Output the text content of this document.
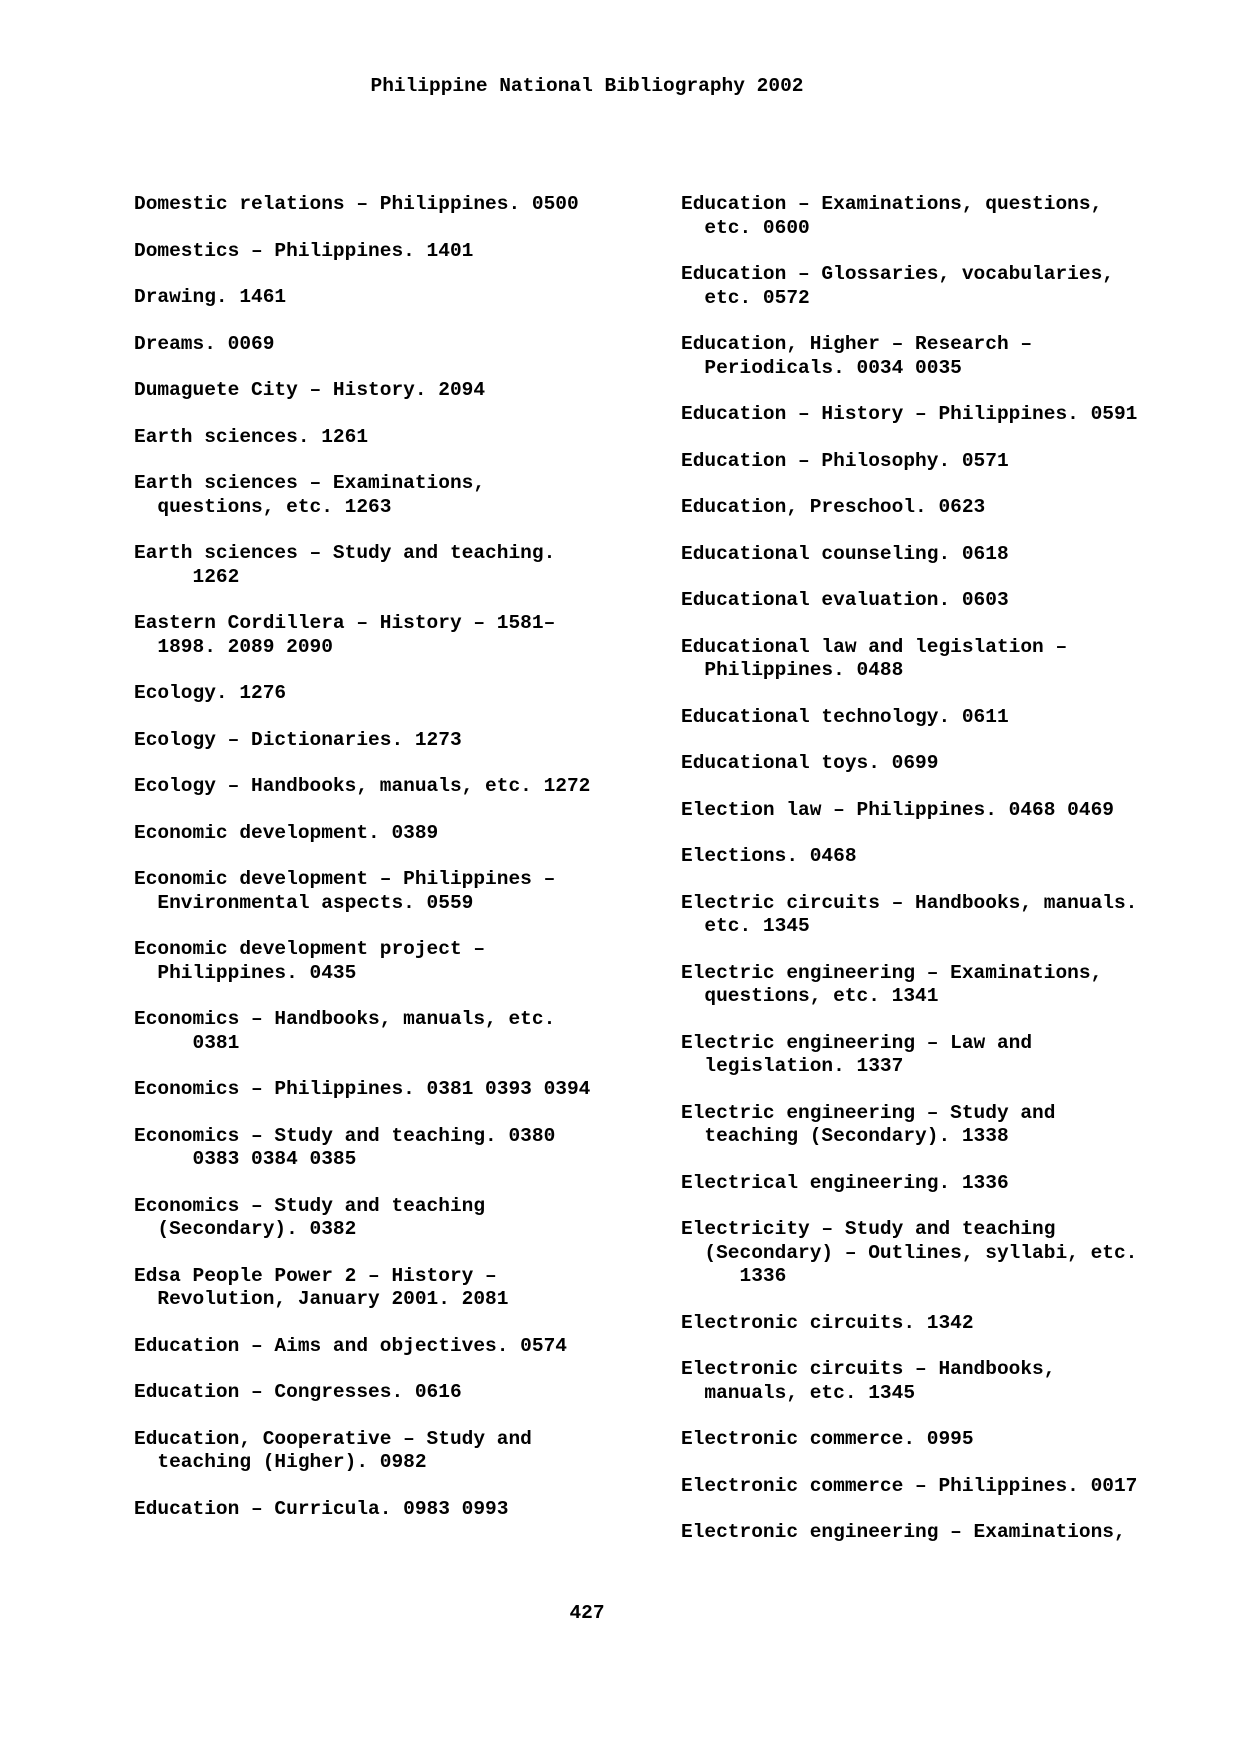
Philippine National Bibliography 2002
Domestic relations – Philippines. 0500
Domestics – Philippines. 1401
Drawing. 1461
Dreams. 0069
Dumaguete City – History. 2094
Earth sciences. 1261
Earth sciences – Examinations,
questions, etc. 1263
Earth sciences – Study and teaching.
1262
Eastern Cordillera – History – 1581–
1898. 2089 2090
Ecology. 1276
Ecology – Dictionaries. 1273
Ecology – Handbooks, manuals, etc. 1272
Economic development. 0389
Economic development – Philippines –
Environmental aspects. 0559
Economic development project –
Philippines. 0435
Economics – Handbooks, manuals, etc.
0381
Economics – Philippines. 0381 0393 0394
Economics – Study and teaching. 0380
0383 0384 0385
Economics – Study and teaching
(Secondary). 0382
Edsa People Power 2 – History –
Revolution, January 2001. 2081
Education – Aims and objectives. 0574
Education – Congresses. 0616
Education, Cooperative – Study and
teaching (Higher). 0982
Education – Curricula. 0983 0993
Education – Examinations, questions,
etc. 0600
Education – Glossaries, vocabularies,
etc. 0572
Education, Higher – Research –
Periodicals. 0034 0035
Education – History – Philippines. 0591
Education – Philosophy. 0571
Education, Preschool. 0623
Educational counseling. 0618
Educational evaluation. 0603
Educational law and legislation –
Philippines. 0488
Educational technology. 0611
Educational toys. 0699
Election law – Philippines. 0468 0469
Elections. 0468
Electric circuits – Handbooks, manuals.
etc. 1345
Electric engineering – Examinations,
questions, etc. 1341
Electric engineering – Law and
legislation. 1337
Electric engineering – Study and
teaching (Secondary). 1338
Electrical engineering. 1336
Electricity – Study and teaching
(Secondary) – Outlines, syllabi, etc.
1336
Electronic circuits. 1342
Electronic circuits – Handbooks,
manuals, etc. 1345
Electronic commerce. 0995
Electronic commerce – Philippines. 0017
Electronic engineering – Examinations,
427
